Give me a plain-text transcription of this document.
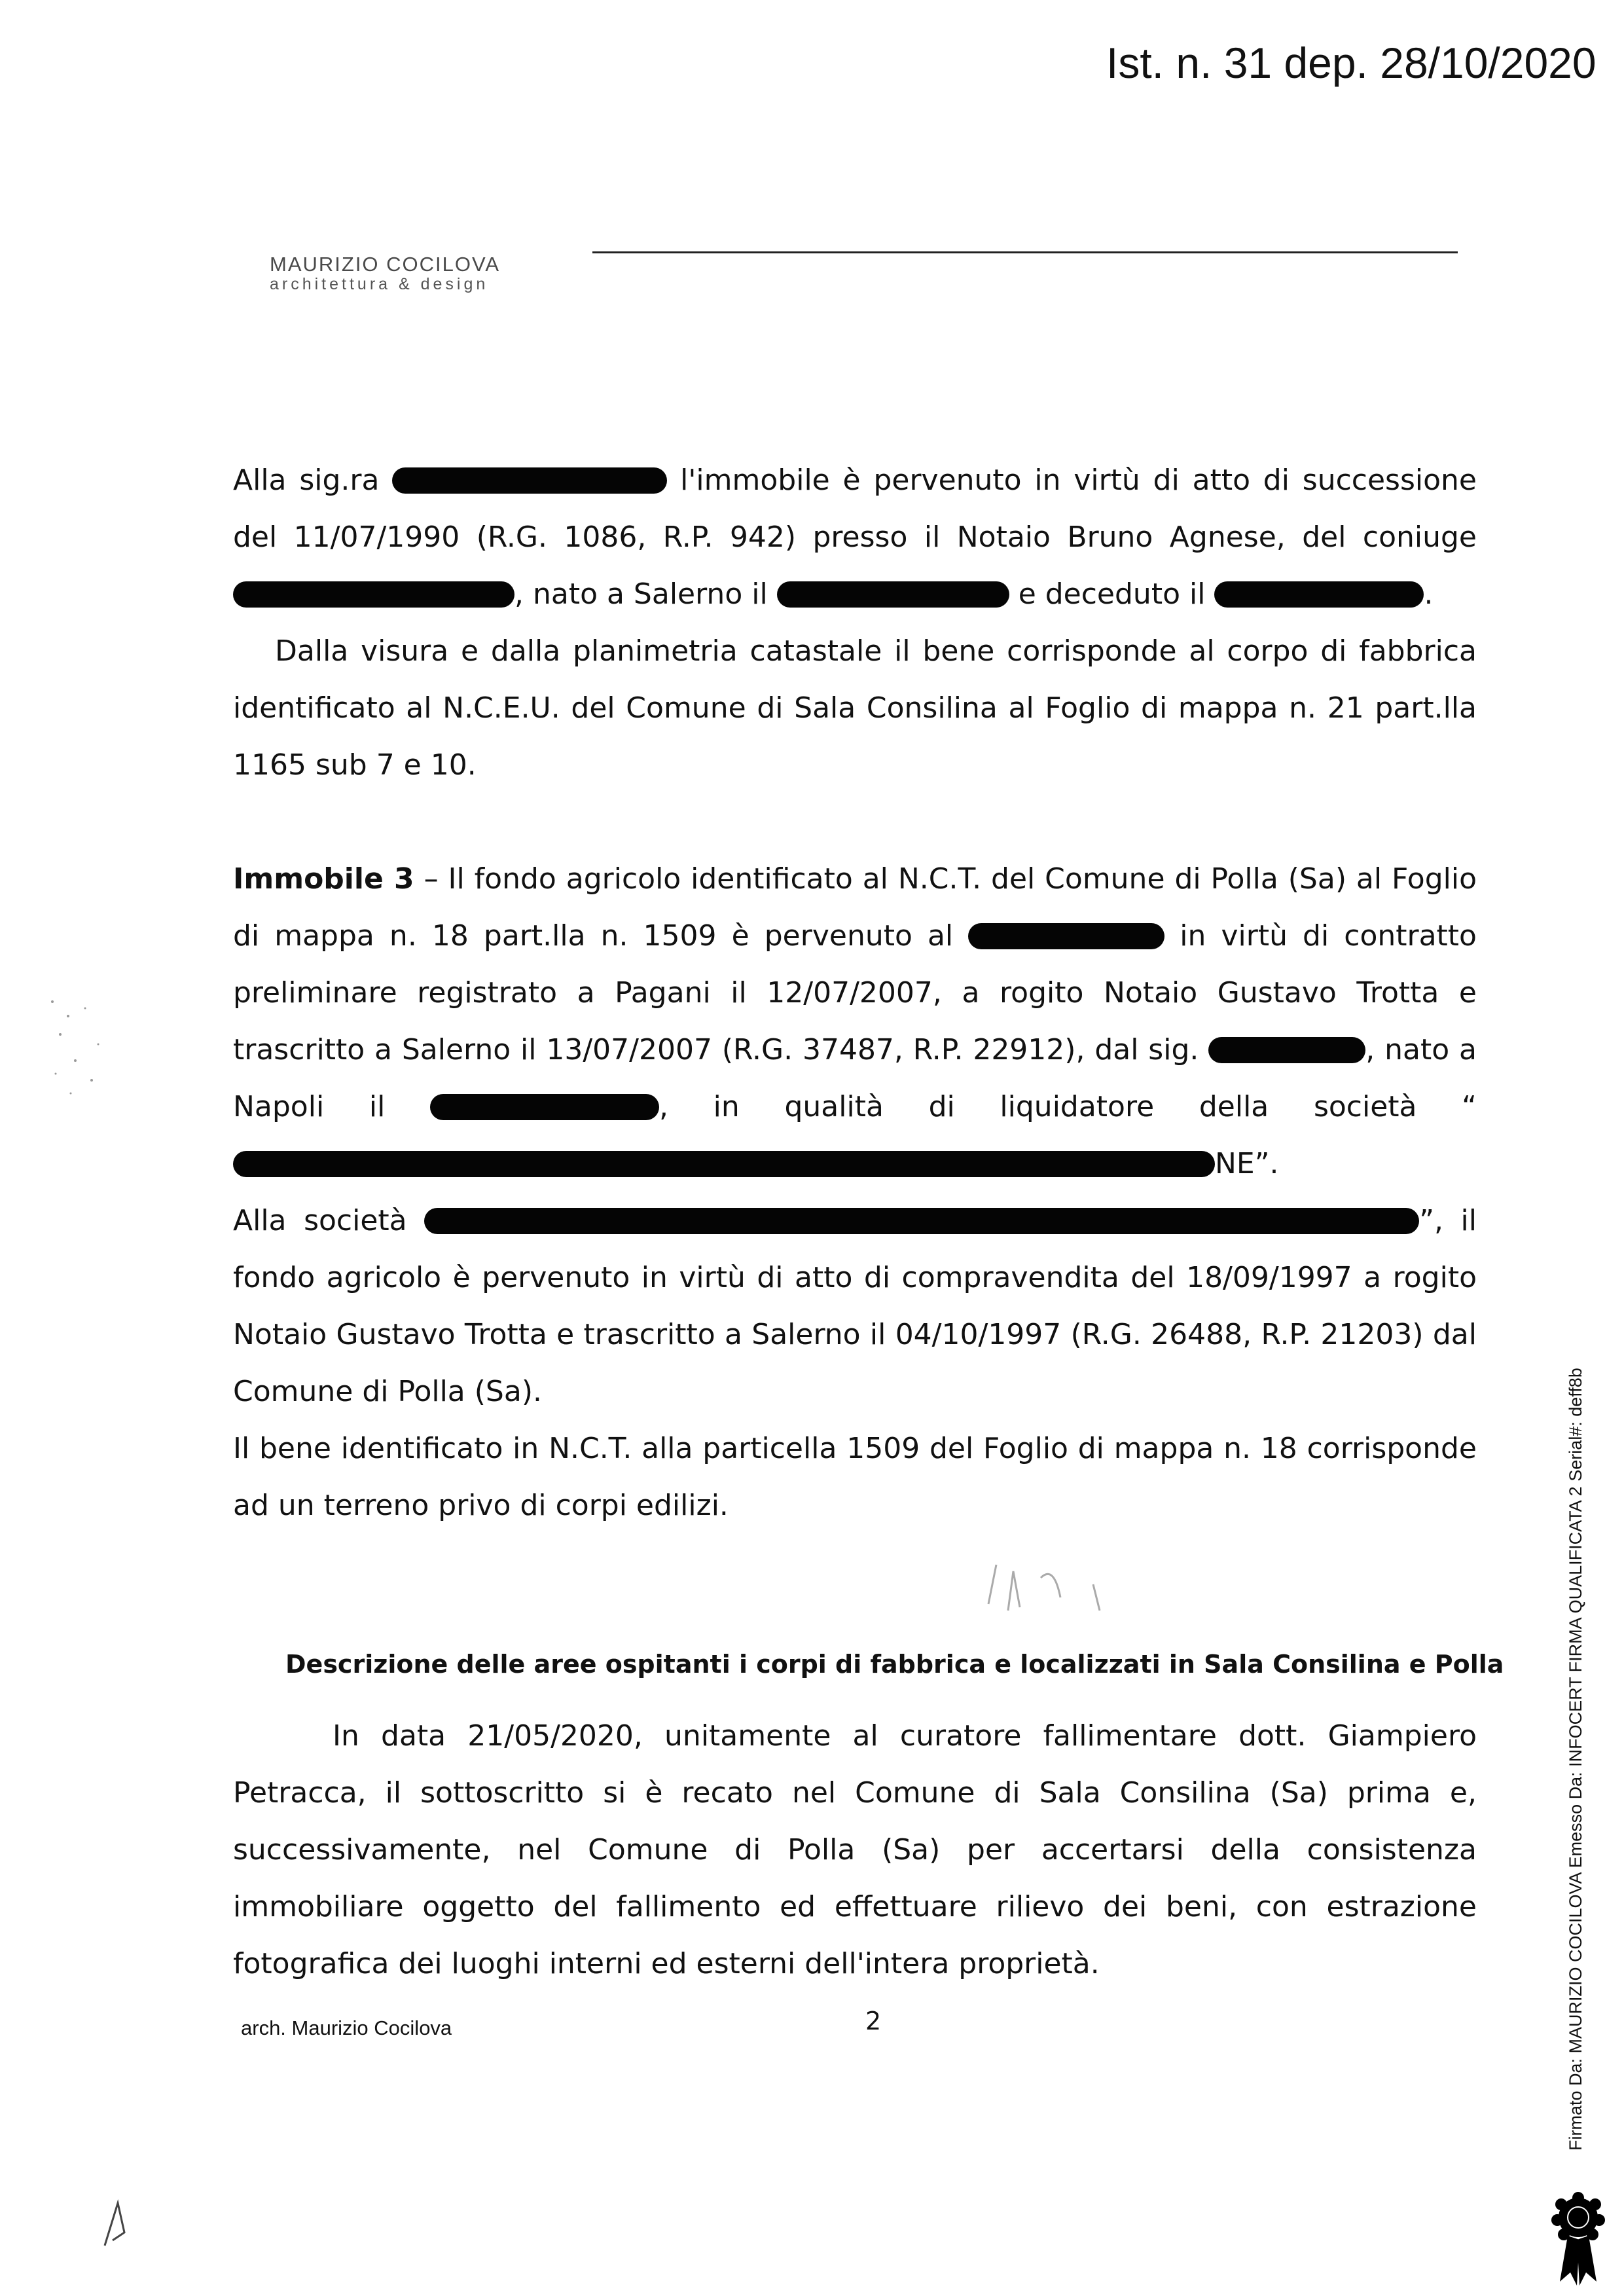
Ist. n. 31 dep. 28/10/2020
MAURIZIO COCILOVA
architettura & design

Alla sig.ra	l'immobile è pervenuto in virtù di atto di successione del 11/07/1990 (R.G. 1086, R.P. 942) presso il Notaio Bruno Agnese, del coniuge , nato a Salerno il	e deceduto il	.

Dalla visura e dalla planimetria catastale il bene corrisponde al corpo di fabbrica identificato al N.C.E.U. del Comune di Sala Consilina al Foglio di mappa n. 21 part.lla 1165 sub 7 e 10.

Immobile 3 – Il fondo agricolo identificato al N.C.T. del Comune di Polla (Sa) al Foglio di mappa n. 18 part.lla n. 1509 è pervenuto al	in virtù di contratto preliminare registrato a Pagani il 12/07/2007, a rogito Notaio Gustavo Trotta e trascritto a Salerno il 13/07/2007 (R.G. 37487, R.P. 22912), dal sig.	, nato a Napoli il	, in qualità di liquidatore della società “NE”.

Alla società	”, il fondo agricolo è pervenuto in virtù di atto di compravendita del 18/09/1997 a rogito Notaio Gustavo Trotta e trascritto a Salerno il 04/10/1997 (R.G. 26488, R.P. 21203) dal Comune di Polla (Sa).

Il bene identificato in N.C.T. alla particella 1509 del Foglio di mappa n. 18 corrisponde ad un terreno privo di corpi edilizi.

Descrizione delle aree ospitanti i corpi di fabbrica e localizzati in Sala Consilina e Polla

In data 21/05/2020, unitamente al curatore fallimentare dott. Giampiero Petracca, il sottoscritto si è recato nel Comune di Sala Consilina (Sa) prima e, successivamente, nel Comune di Polla (Sa) per accertarsi della consistenza immobiliare oggetto del fallimento ed effettuare rilievo dei beni, con estrazione fotografica dei luoghi interni ed esterni dell'intera proprietà.

arch. Maurizio Cocilova	2	Firmato Da: MAURIZIO COCILOVA Emesso Da: INFOCERT FIRMA QUALIFICATA 2 Serial#: deff8b
